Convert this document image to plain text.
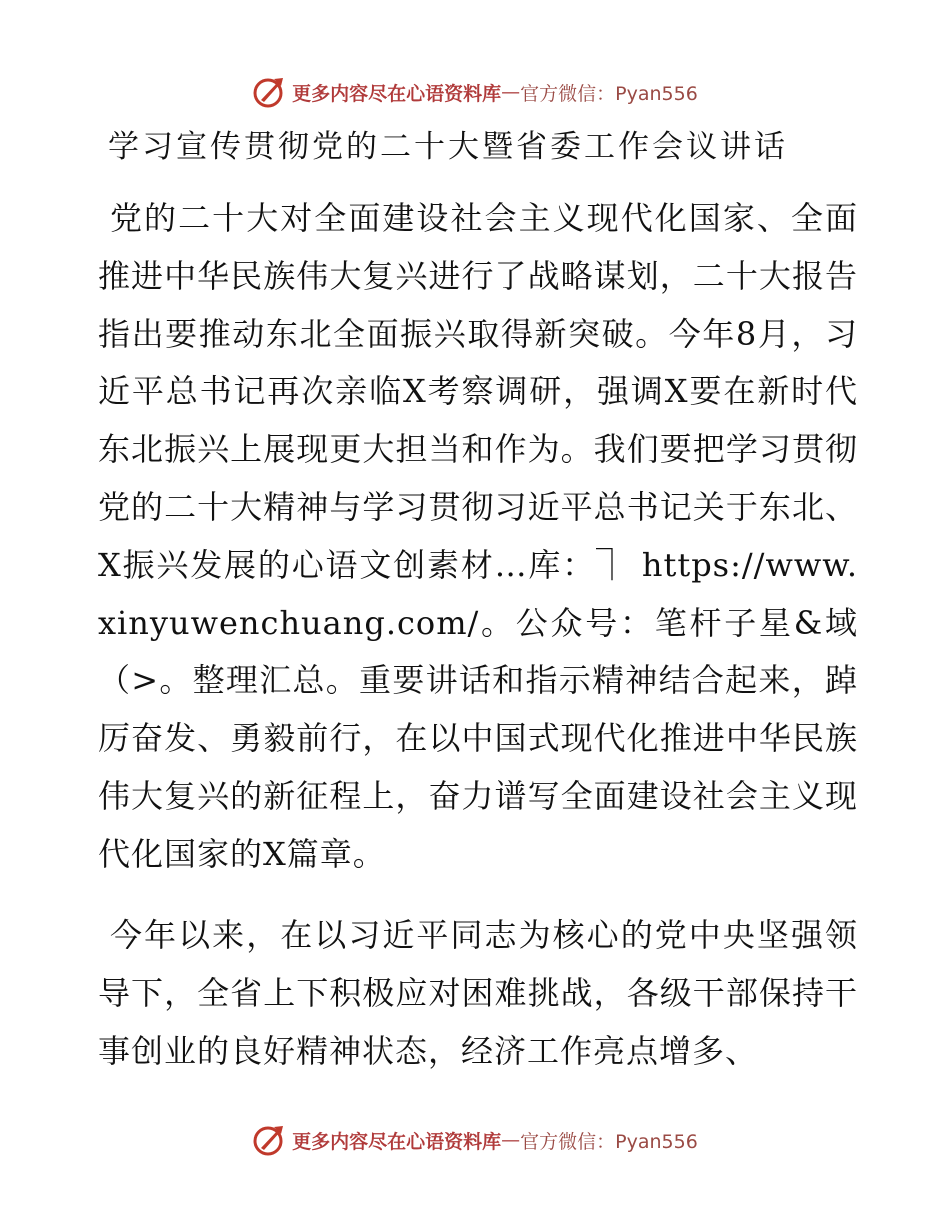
更多内容尽在心语资料库 — 官方微信：Pyan556
学习宣传贯彻党的二十大暨省委工作会议讲话
党的二十大对全面建设社会主义现代化国家、全面推进中华民族伟大复兴进行了战略谋划，二十大报告指出要推动东北全面振兴取得新突破。今年8月，习近平总书记再次亲临X考察调研，强调X要在新时代东北振兴上展现更大担当和作为。我们要把学习贯彻党的二十大精神与学习贯彻习近平总书记关于东北、X振兴发展的心语文创素材…库：⏋ https://www.xinyuwenchuang.com/。公众号：笔杆子星&域（>。整理汇总。重要讲话和指示精神结合起来，踔厉奋发、勇毅前行，在以中国式现代化推进中华民族伟大复兴的新征程上，奋力谱写全面建设社会主义现代化国家的X篇章。
今年以来，在以习近平同志为核心的党中央坚强领导下，全省上下积极应对困难挑战，各级干部保持干事创业的良好精神状态，经济工作亮点增多、
更多内容尽在心语资料库 — 官方微信：Pyan556
